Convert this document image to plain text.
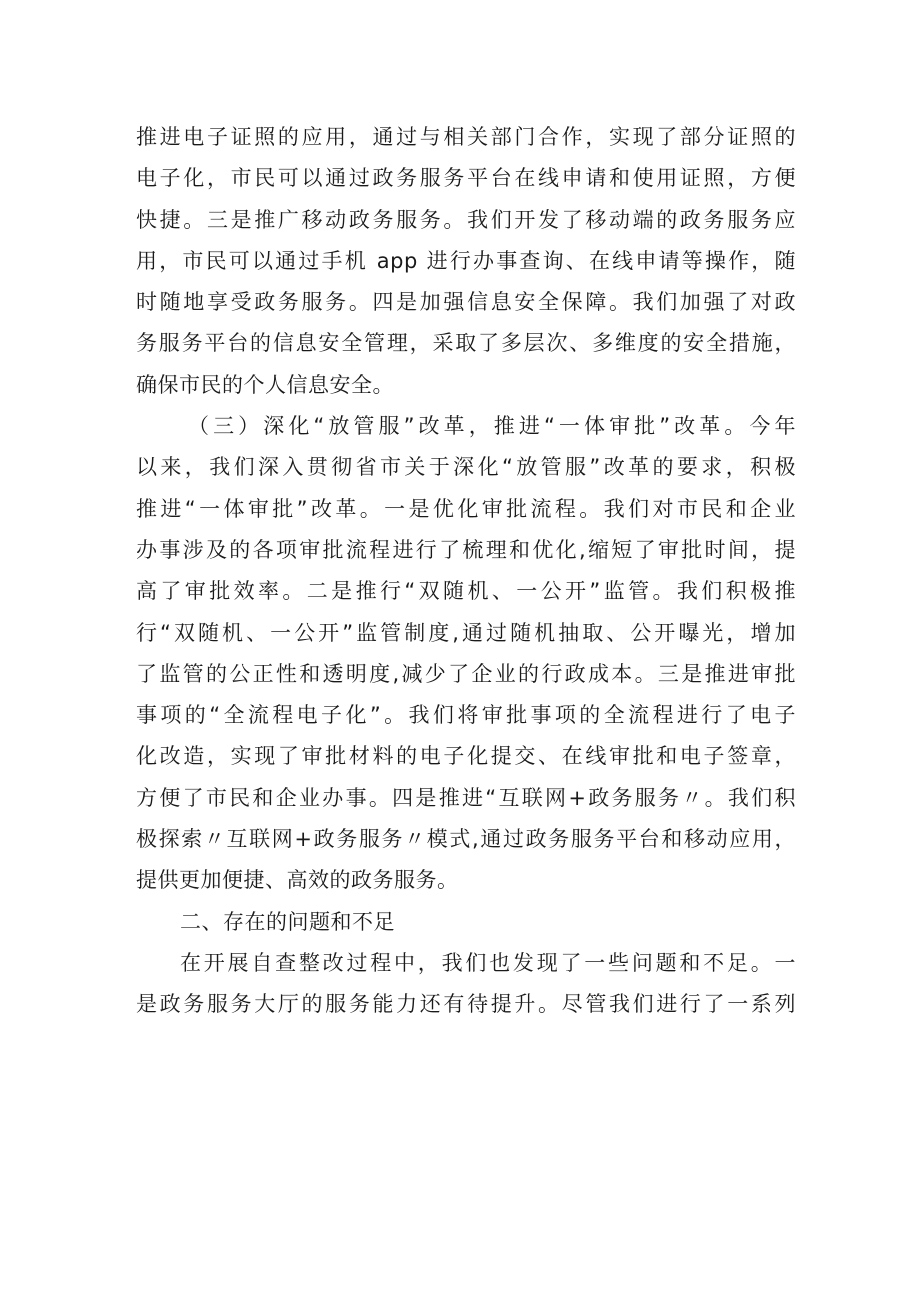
推进电子证照的应用，通过与相关部门合作，实现了部分证照的
电子化，市民可以通过政务服务平台在线申请和使用证照，方便
快捷。三是推广移动政务服务。我们开发了移动端的政务服务应
用，市民可以通过手机 app 进行办事查询、在线申请等操作，随
时随地享受政务服务。四是加强信息安全保障。我们加强了对政
务服务平台的信息安全管理，采取了多层次、多维度的安全措施，
确保市民的个人信息安全。
（三）深化“放管服”改革，推进“一体审批”改革。今年
以来，我们深入贯彻省市关于深化“放管服”改革的要求，积极
推进“一体审批”改革。一是优化审批流程。我们对市民和企业
办事涉及的各项审批流程进行了梳理和优化,缩短了审批时间，提
高了审批效率。二是推行“双随机、一公开”监管。我们积极推
行“双随机、一公开”监管制度,通过随机抽取、公开曝光，增加
了监管的公正性和透明度,减少了企业的行政成本。三是推进审批
事项的“全流程电子化”。我们将审批事项的全流程进行了电子
化改造，实现了审批材料的电子化提交、在线审批和电子签章，
方便了市民和企业办事。四是推进“互联网+政务服务〃。我们积
极探索〃互联网+政务服务〃模式,通过政务服务平台和移动应用，
提供更加便捷、高效的政务服务。
二、存在的问题和不足
在开展自查整改过程中，我们也发现了一些问题和不足。一
是政务服务大厅的服务能力还有待提升。尽管我们进行了一系列
